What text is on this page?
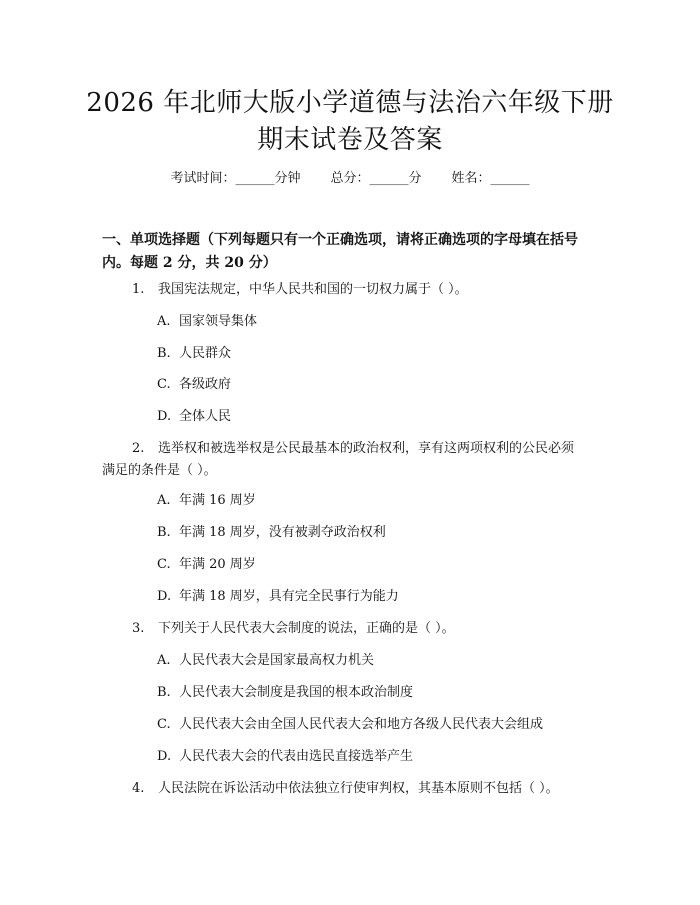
2026 年北师大版小学道德与法治六年级下册
期末试卷及答案
考试时间：______分钟 总分：______分 姓名：______
一、单项选择题（下列每题只有一个正确选项，请将正确选项的字母填在括号
内。每题 2 分，共 20 分）
1. 我国宪法规定，中华人民共和国的一切权力属于（ ）。
A. 国家领导集体
B. 人民群众
C. 各级政府
D. 全体人民
2. 选举权和被选举权是公民最基本的政治权利，享有这两项权利的公民必须
满足的条件是（ ）。
A. 年满 16 周岁
B. 年满 18 周岁，没有被剥夺政治权利
C. 年满 20 周岁
D. 年满 18 周岁，具有完全民事行为能力
3. 下列关于人民代表大会制度的说法，正确的是（ ）。
A. 人民代表大会是国家最高权力机关
B. 人民代表大会制度是我国的根本政治制度
C. 人民代表大会由全国人民代表大会和地方各级人民代表大会组成
D. 人民代表大会的代表由选民直接选举产生
4. 人民法院在诉讼活动中依法独立行使审判权，其基本原则不包括（ ）。
